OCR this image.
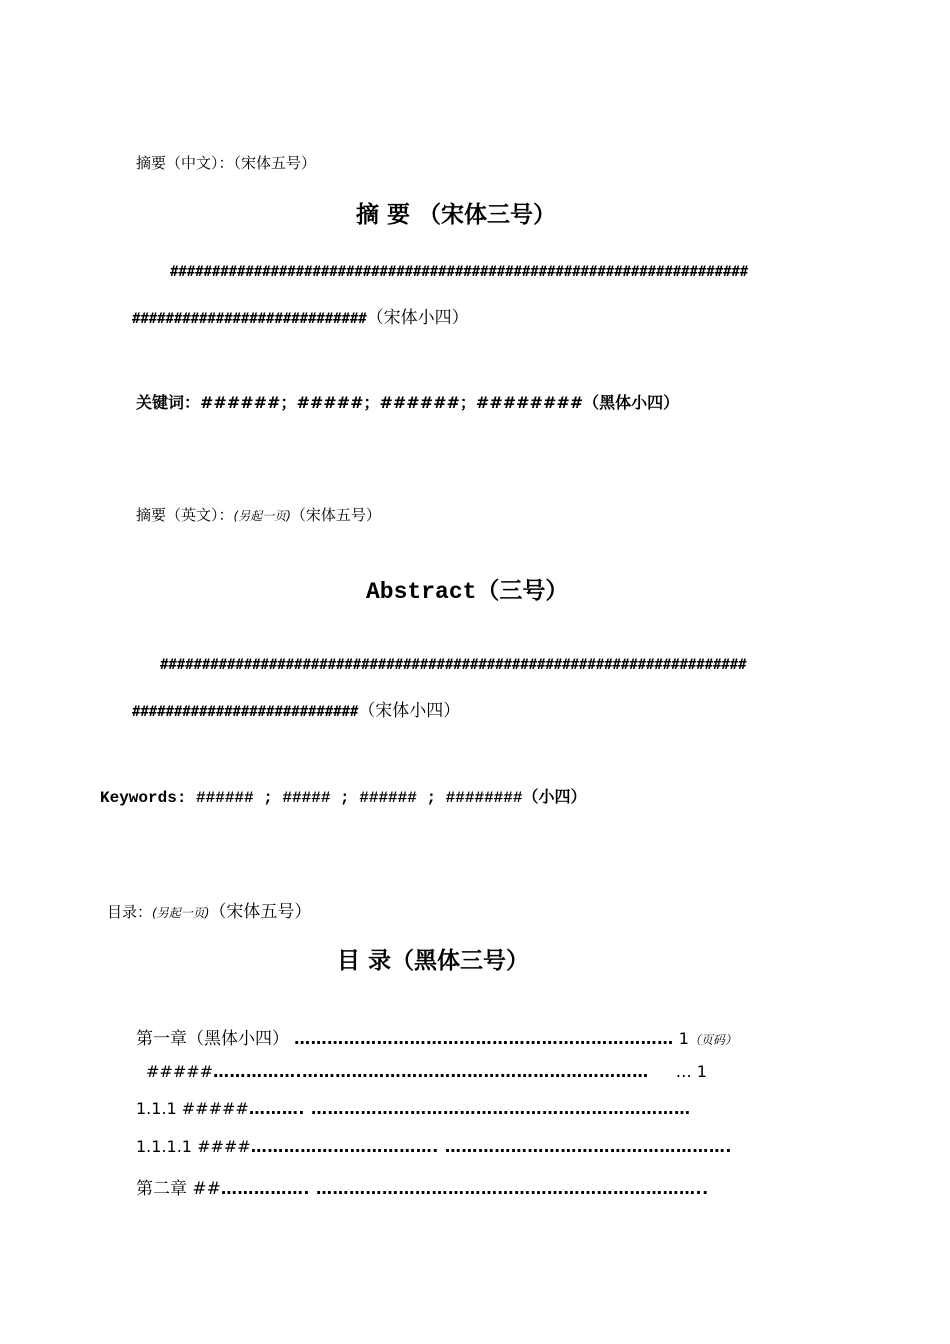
摘要（中文）：（宋体五号）
摘 要 （宋体三号）
#####################################################################
############################（宋体小四）
关键词：######；#####；######；########（黑体小四）
摘要（英文）：(另起一页)（宋体五号）
Abstract（三号）
######################################################################
###########################（宋体小四）
Keywords: ###### ; ##### ; ###### ; ########（小四）
目录：(另起一页)（宋体五号）
目 录（黑体三号）
第一章（黑体小四） …………………………………………………………… 1（页码）
#####…………….……………………………………………………… … 1
1.1.1 #####………. ……………………………………………………………
1.1.1.1 ####……………………………. …………………………………………….
第二章 ##……………. ……………………………………………………………..
